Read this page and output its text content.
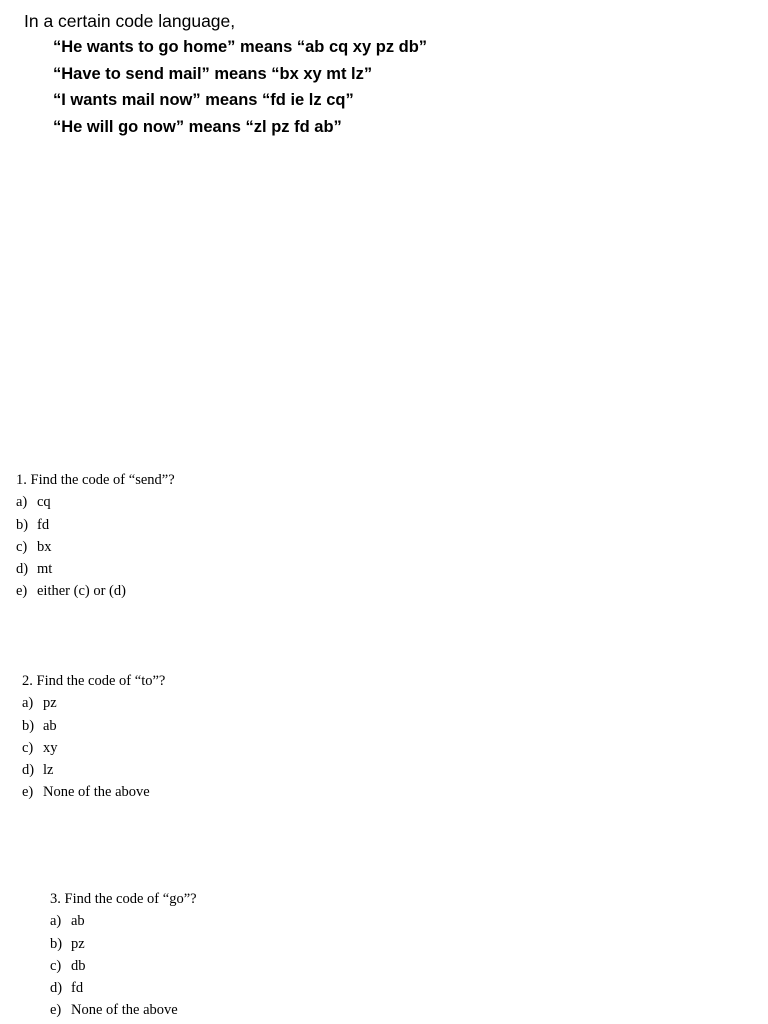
In a certain code language,
“He wants to go home” means “ab cq xy pz db”
“Have to send mail” means “bx xy mt lz”
“I wants mail now” means “fd ie lz cq”
“He will go now” means “zl pz fd ab”
1. Find the code of “send”?
a) cq
b) fd
c) bx
d) mt
e) either (c) or (d)
2. Find the code of “to”?
a) pz
b) ab
c) xy
d) lz
e) None of the above
3. Find the code of “go”?
a) ab
b) pz
c) db
d) fd
e) None of the above
